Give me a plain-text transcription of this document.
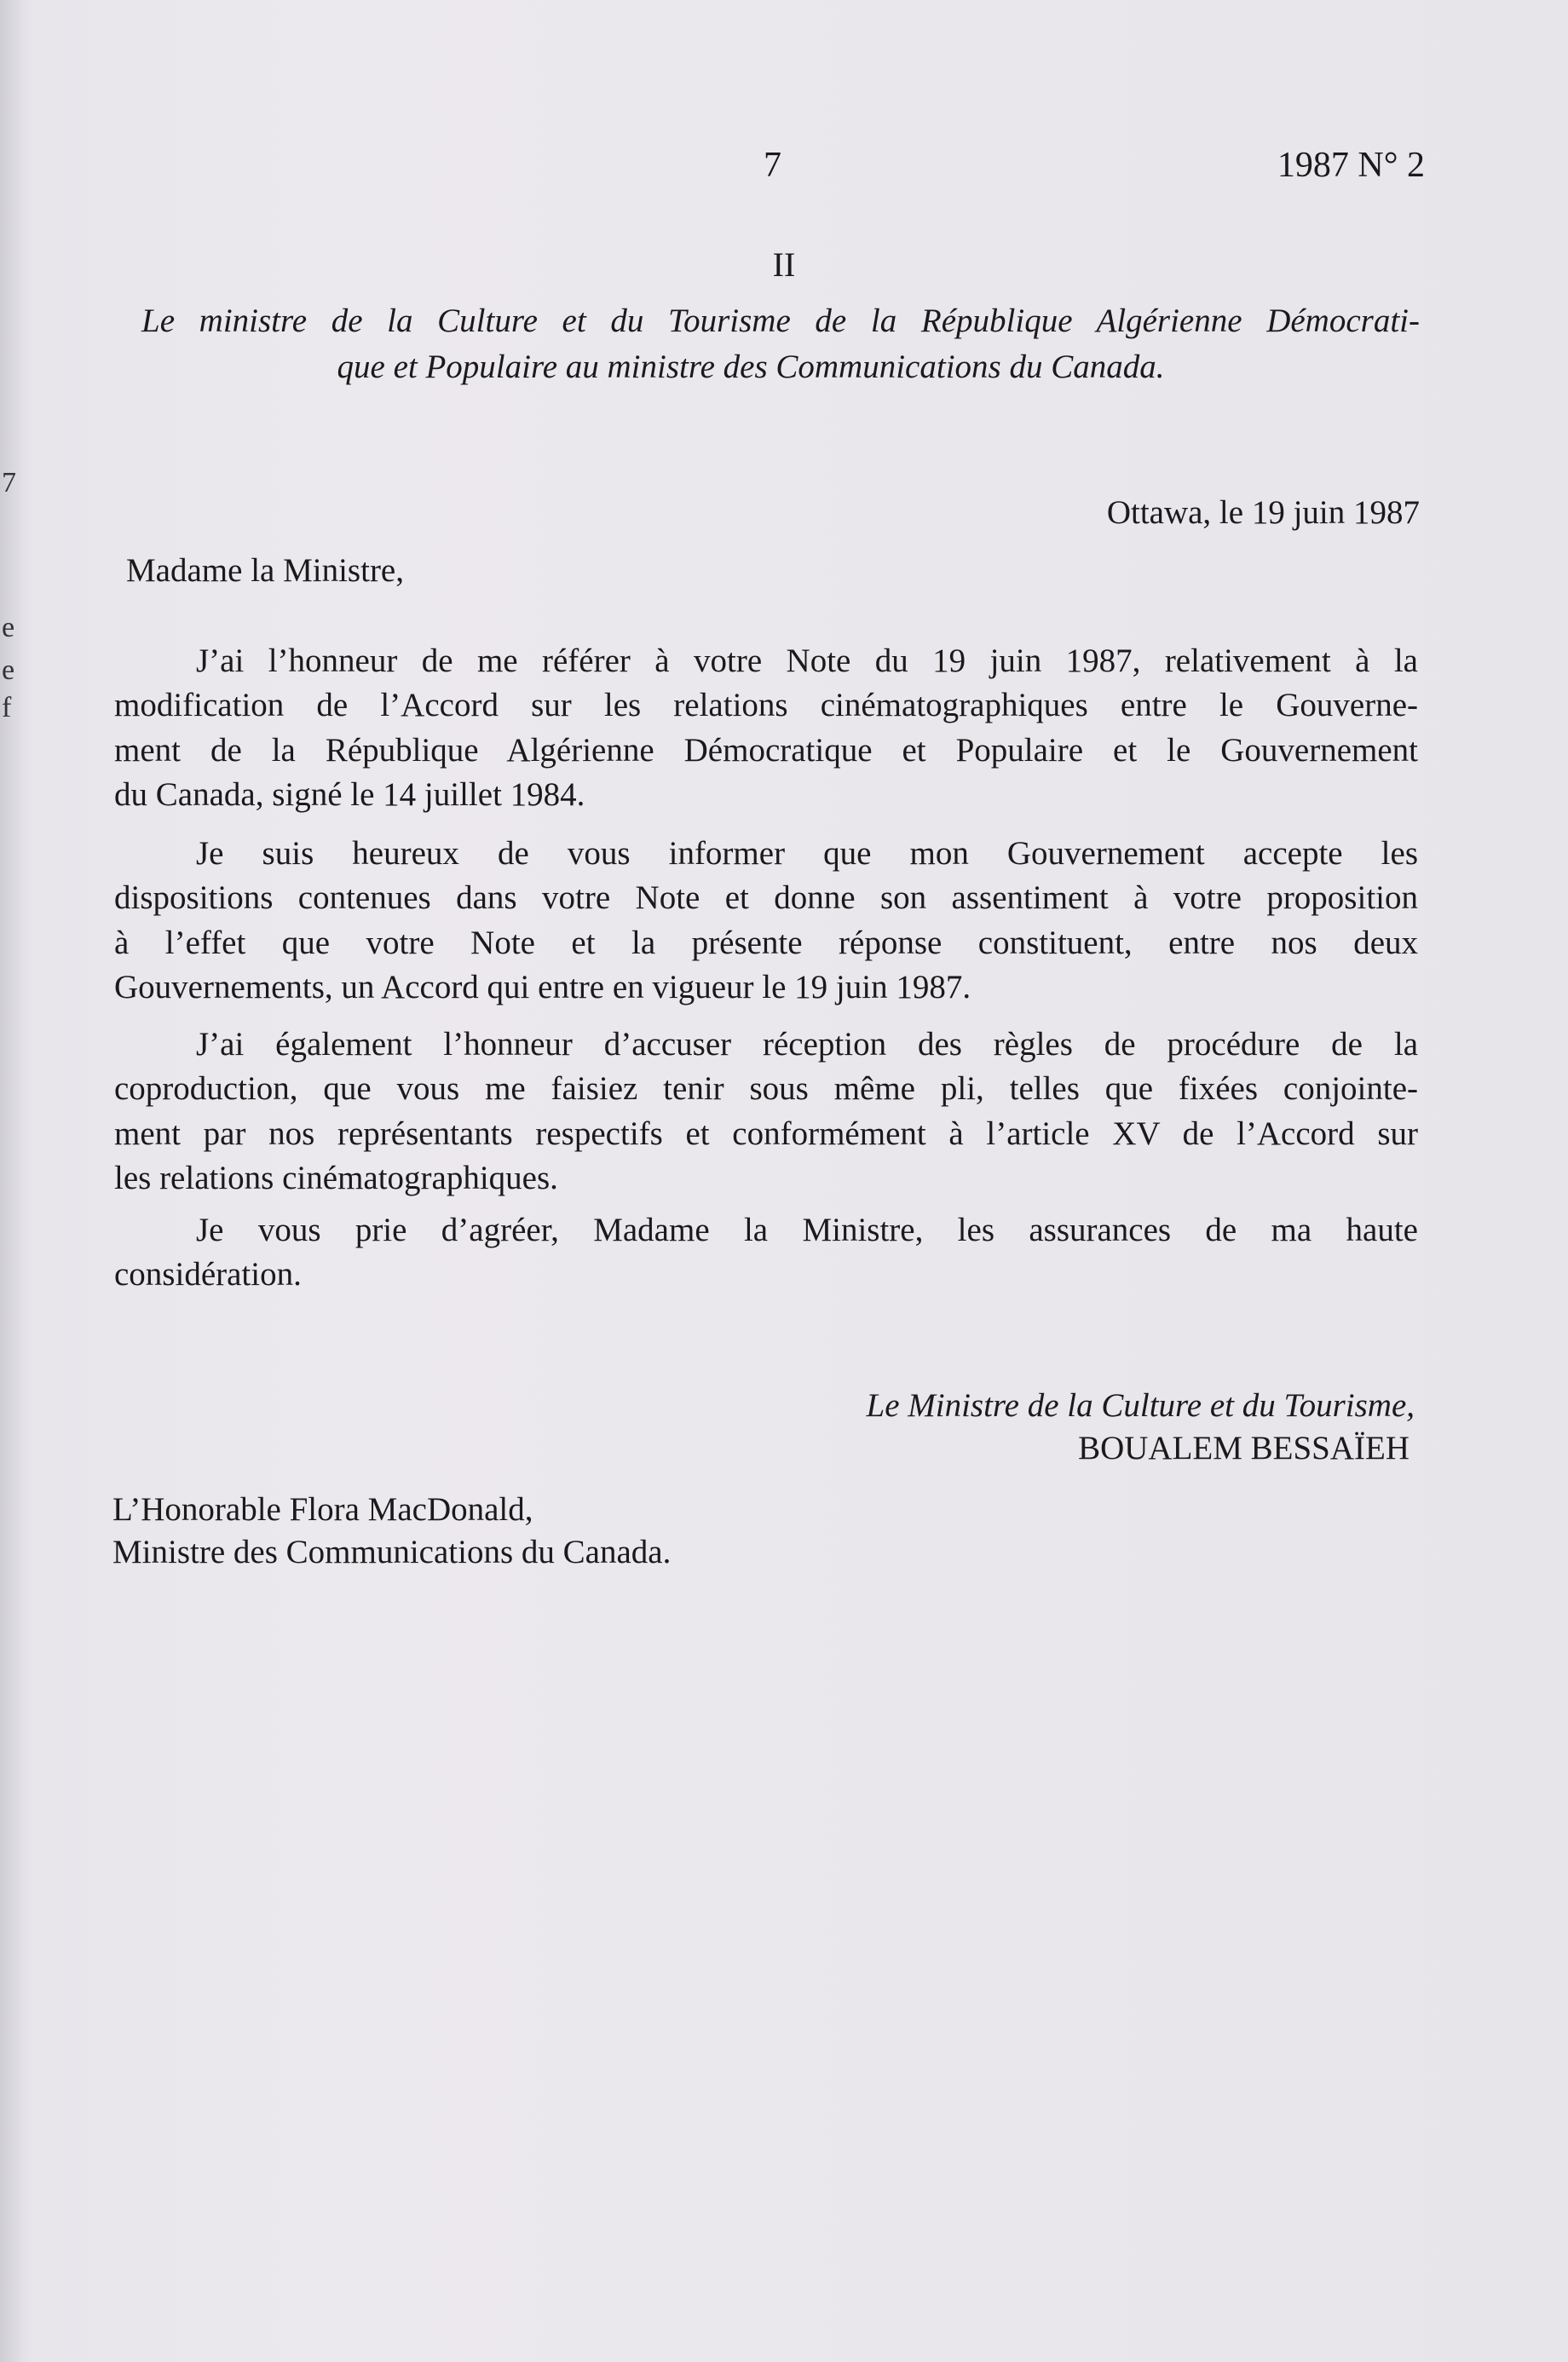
7
e
e
f
7	1987 N° 2
II
Le ministre de la Culture et du Tourisme de la République Algérienne Démocrati-
que et Populaire au ministre des Communications du Canada.
Ottawa, le 19 juin 1987
Madame la Ministre,
J’ai l’honneur de me référer à votre Note du 19 juin 1987, relativement à la
modification de l’Accord sur les relations cinématographiques entre le Gouverne-
ment de la République Algérienne Démocratique et Populaire et le Gouvernement
du Canada, signé le 14 juillet 1984.
Je suis heureux de vous informer que mon Gouvernement accepte les
dispositions contenues dans votre Note et donne son assentiment à votre proposition
à l’effet que votre Note et la présente réponse constituent, entre nos deux
Gouvernements, un Accord qui entre en vigueur le 19 juin 1987.
J’ai également l’honneur d’accuser réception des règles de procédure de la
coproduction, que vous me faisiez tenir sous même pli, telles que fixées conjointe-
ment par nos représentants respectifs et conformément à l’article XV de l’Accord sur
les relations cinématographiques.
Je vous prie d’agréer, Madame la Ministre, les assurances de ma haute
considération.
Le Ministre de la Culture et du Tourisme,
BOUALEM BESSAÏEH
L’Honorable Flora MacDonald,
Ministre des Communications du Canada.
